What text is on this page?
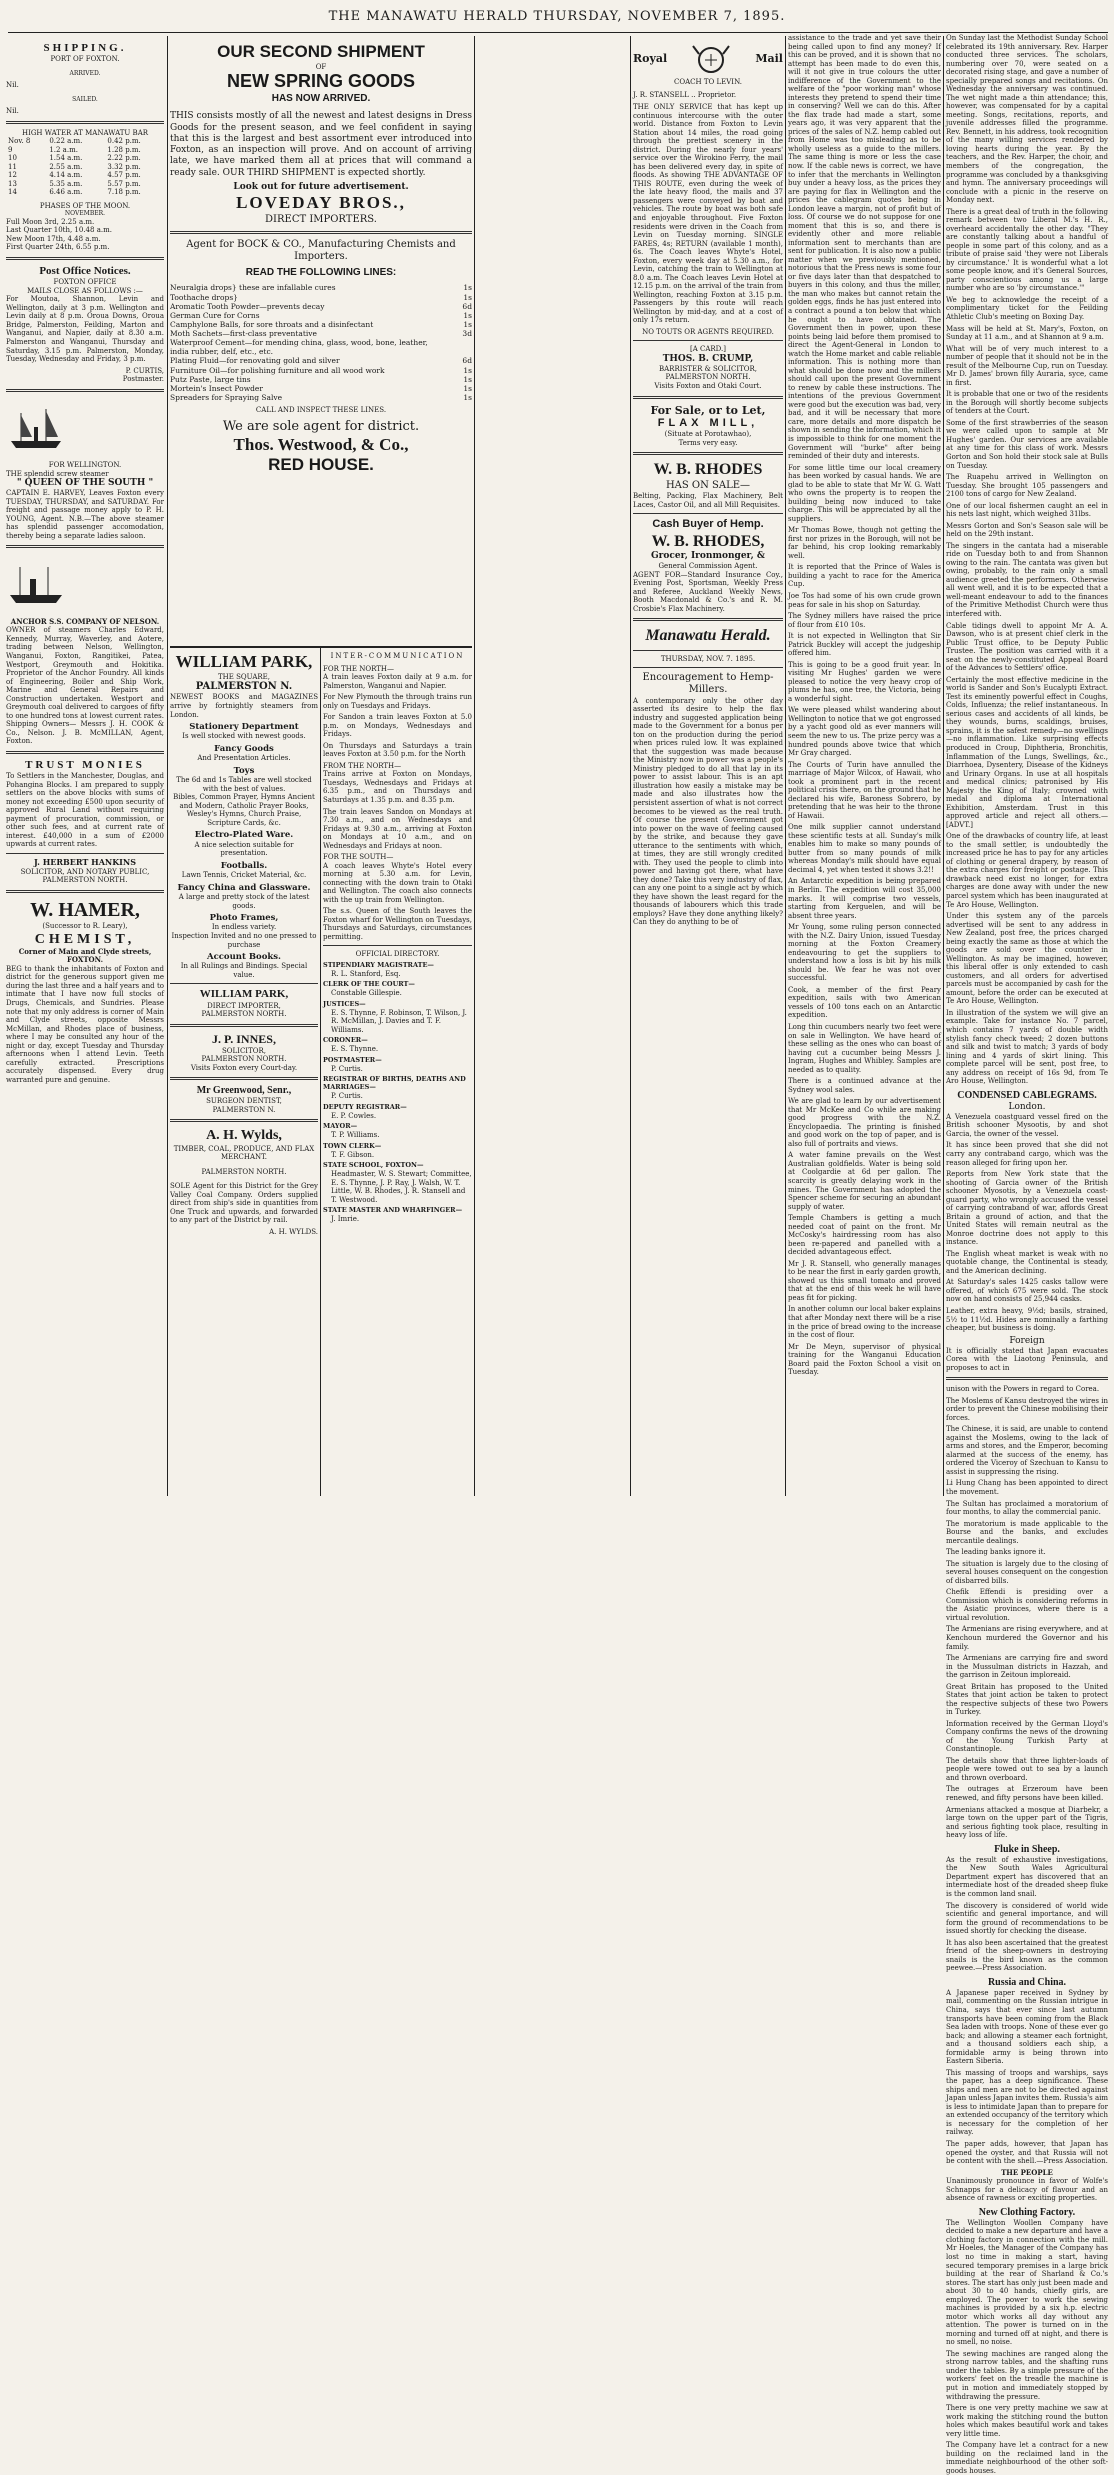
THE MANAWATU HERALD THURSDAY, NOVEMBER 7, 1895.
SHIPPING.
PORT OF FOXTON.
ARRIVED.
Nil.
SAILED.
Nil.
HIGH WATER AT MANAWATU BAR
Nov. 8	0.22 a.m.	0.42 p.m.
9	1.2 a.m.	1.28 p.m.
10	1.54 a.m.	2.22 p.m.
11	2.55 a.m.	3.32 p.m.
12	4.14 a.m.	4.57 p.m.
13	5.35 a.m.	5.57 p.m.
14	6.46 a.m.	7.18 p.m.
PHASES OF THE MOON.
NOVEMBER.
Full Moon 3rd, 2.25 a.m.
Last Quarter 10th, 10.48 a.m.
New Moon 17th, 4.48 a.m.
First Quarter 24th, 6.55 p.m.
Post Office Notices.
FOXTON OFFICE
MAILS CLOSE AS FOLLOWS :—

For Moutoa, Shannon, Levin and Wellington, daily at 3 p.m. Wellington and Levin daily at 8 p.m. Oroua Downs, Oroua Bridge, Palmerston, Feilding, Marton and Wanganui, and Napier, daily at 8.30 a.m. Palmerston and Wanganui, Thursday and Saturday, 3.15 p.m. Palmerston, Monday, Tuesday, Wednesday and Friday, 3 p.m.

P. CURTIS,
Postmaster.
FOR WELLINGTON.
THE splendid screw steamer
" QUEEN OF THE SOUTH "

CAPTAIN E. HARVEY, Leaves Foxton every TUESDAY, THURSDAY, and SATURDAY. For freight and passage money apply to P. H. YOUNG, Agent. N.B.—The above steamer has splendid passenger accomodation, thereby being a separate ladies saloon.

ANCHOR S.S. COMPANY OF NELSON.

OWNER of steamers Charles Edward, Kennedy, Murray, Waverley, and Aotere, trading between Nelson, Wellington, Wanganui, Foxton, Rangitikei, Patea, Westport, Greymouth and Hokitika. Proprietor of the Anchor Foundry. All kinds of Engineering, Boiler and Ship Work, Marine and General Repairs and Construction undertaken. Westport and Greymouth coal delivered to cargoes of fifty to one hundred tons at lowest current rates. Shipping Owners— Messrs J. H. COOK & Co., Nelson. J. B. McMILLAN, Agent, Foxton.

TRUST MONIES

To Settlers in the Manchester, Douglas, and Pohangina Blocks. I am prepared to supply settlers on the above blocks with sums of money not exceeding £500 upon security of approved Rural Land without requiring payment of procuration, commission, or other such fees, and at current rate of interest. £40,000 in a sum of £2000 upwards at current rates.

J. HERBERT HANKINS
SOLICITOR, AND NOTARY PUBLIC,
PALMERSTON NORTH.
W. HAMER,
(Successor to R. Leary),
CHEMIST,
Corner of Main and Clyde streets, FOXTON.

BEG to thank the inhabitants of Foxton and district for the generous support given me during the last three and a half years and to intimate that I have now full stocks of Drugs, Chemicals, and Sundries. Please note that my only address is corner of Main and Clyde streets, opposite Messrs McMillan, and Rhodes place of business, where I may be consulted any hour of the night or day, except Tuesday and Thursday afternoons when I attend Levin. Teeth carefully extracted. Prescriptions accurately dispensed. Every drug warranted pure and genuine.

OUR SECOND SHIPMENT
OF
NEW SPRING GOODS
HAS NOW ARRIVED.

THIS consists mostly of all the newest and latest designs in Dress Goods for the present season, and we feel confident in saying that this is the largest and best assortment ever introduced into Foxton, as an inspection will prove. And on account of arriving late, we have marked them all at prices that will command a ready sale. OUR THIRD SHIPMENT is expected shortly.

Look out for future advertisement.
LOVEDAY BROS.,
DIRECT IMPORTERS.
Agent for BOCK & CO., Manufacturing Chemists and Importers.
READ THE FOLLOWING LINES:
Neuralgia drops} these are infallable cures	1s
Toothache drops}	1s
Aromatic Tooth Powder—prevents decay	6d
German Cure for Corns	1s
Camphylone Balls, for sore throats and a disinfectant	1s
Moth Sachets—first-class preventative	3d
Waterproof Cement—for mending china, glass, wood, bone, leather, india rubber, delf, etc., etc.
Plating Fluid—for renovating gold and silver	6d
Furniture Oil—for polishing furniture and all wood work	1s
Putz Paste, large tins	1s
Mortein's Insect Powder	1s
Spreaders for Spraying Salve	1s
CALL AND INSPECT THESE LINES.
We are sole agent for district.
Thos. Westwood, & Co.,
RED HOUSE.
WILLIAM PARK,
THE SQUARE,
PALMERSTON N.

NEWEST BOOKS and MAGAZINES arrive by fortnightly steamers from London.

Stationery Department
Is well stocked with newest goods.
Fancy Goods
And Presentation Articles.
Toys
The 6d and 1s Tables are well stocked with the best of values.
Bibles, Common Prayer, Hymns Ancient and Modern, Catholic Prayer Books, Wesley's Hymns, Church Praise, Scripture Cards, &c.
Electro-Plated Ware.
A nice selection suitable for presentation.
Footballs.
Lawn Tennis, Cricket Material, &c.
Fancy China and Glassware.
A large and pretty stock of the latest goods.
Photo Frames,
In endless variety.
Inspection Invited and no one pressed to purchase
Account Books.
In all Rulings and Bindings. Special value.
WILLIAM PARK,
DIRECT IMPORTER,
PALMERSTON NORTH.
J. P. INNES,
SOLICITOR,
PALMERSTON NORTH.
Visits Foxton every Court-day.
Mr Greenwood, Senr.,
SURGEON DENTIST,
PALMERSTON N.
A. H. Wylds,
TIMBER, COAL, PRODUCE, AND FLAX MERCHANT.
PALMERSTON NORTH.

SOLE Agent for this District for the Grey Valley Coal Company. Orders supplied direct from ship's side in quantities from One Truck and upwards, and forwarded to any part of the District by rail.

A. H. WYLDS.
INTER-COMMUNICATION
FOR THE NORTH—

A train leaves Foxton daily at 9 a.m. for Palmerston, Wanganui and Napier.

For New Plymouth the through trains run only on Tuesdays and Fridays.

For Sandon a train leaves Foxton at 5.0 p.m. on Mondays, Wednesdays and Fridays.

On Thursdays and Saturdays a train leaves Foxton at 3.50 p.m. for the North

FROM THE NORTH—

Trains arrive at Foxton on Mondays, Tuesdays, Wednesdays and Fridays at 6.35 p.m., and on Thursdays and Saturdays at 1.35 p.m. and 8.35 p.m.

The train leaves Sandon on Mondays at 7.30 a.m., and on Wednesdays and Fridays at 9.30 a.m., arriving at Foxton on Mondays at 10 a.m., and on Wednesdays and Fridays at noon.

FOR THE SOUTH—

A coach leaves Whyte's Hotel every morning at 5.30 a.m. for Levin, connecting with the down train to Otaki and Wellington. The coach also connects with the up train from Wellington.

The s.s. Queen of the South leaves the Foxton wharf for Wellington on Tuesdays, Thursdays and Saturdays, circumstances permitting.

OFFICIAL DIRECTORY.
STIPENDIARY MAGISTRATE—
R. L. Stanford, Esq.
CLERK OF THE COURT—
Constable Gillespie.
JUSTICES—
E. S. Thynne, F. Robinson, T. Wilson, J. R. McMillan, J. Davies and T. F. Williams.
CORONER—
E. S. Thynne.
POSTMASTER—
P. Curtis.
REGISTRAR OF BIRTHS, DEATHS AND MARRIAGES—
P. Curtis.
DEPUTY REGISTRAR—
E. P. Cowles.
MAYOR—
T. P. Williams.
TOWN CLERK—
T. F. Gibson.
STATE SCHOOL, FOXTON—
Headmaster, W. S. Stewart; Committee, E. S. Thynne, J. P. Ray, J. Walsh, W. T. Little, W. B. Rhodes, J. R. Stansell and T. Westwood.
STATE MASTER AND WHARFINGER—
J. Imrie.
Royal	Mail
COACH TO LEVIN.
J. R. STANSELL .. Proprietor.

THE ONLY SERVICE that has kept up continuous intercourse with the outer world. Distance from Foxton to Levin Station about 14 miles, the road going through the prettiest scenery in the district. During the nearly four years' service over the Wirokino Ferry, the mail has been delivered every day, in spite of floods. As showing THE ADVANTAGE OF THIS ROUTE, even during the week of the late heavy flood, the mails and 37 passengers were conveyed by boat and vehicles. The route by boat was both safe and enjoyable throughout. Five Foxton residents were driven in the Coach from Levin on Tuesday morning. SINGLE FARES, 4s; RETURN (available 1 month), 6s. The Coach leaves Whyte's Hotel, Foxton, every week day at 5.30 a.m., for Levin, catching the train to Wellington at 8.0 a.m. The Coach leaves Levin Hotel at 12.15 p.m. on the arrival of the train from Wellington, reaching Foxton at 3.15 p.m. Passengers by this route will reach Wellington by mid-day, and at a cost of only 17s return.

NO TOUTS OR AGENTS REQUIRED.
[A CARD.]
THOS. B. CRUMP,
BARRISTER & SOLICITOR,
PALMERSTON NORTH.
Visits Foxton and Otaki Court.
For Sale, or to Let,
FLAX MILL,
(Situate at Porotawhao),
Terms very easy.
W. B. RHODES
HAS ON SALE—

Belting, Packing, Flax Machinery, Belt Laces, Castor Oil, and all Mill Requisites.

Cash Buyer of Hemp.
W. B. RHODES,
Grocer, Ironmonger, &
General Commission Agent.

AGENT FOR—Standard Insurance Coy., Evening Post, Sportsman, Weekly Press and Referee, Auckland Weekly News, Booth Macdonald & Co.'s and R. M. Crosbie's Flax Machinery.

Manawatu Herald.
THURSDAY, NOV. 7. 1895.
Encouragement to Hemp-Millers.

A contemporary only the other day asserted its desire to help the flax industry and suggested application being made to the Government for a bonus per ton on the production during the period when prices ruled low. It was explained that the suggestion was made because the Ministry now in power was a people's Ministry pledged to do all that lay in its power to assist labour. This is an apt illustration how easily a mistake may be made and also illustrates how the persistent assertion of what is not correct becomes to be viewed as the real truth. Of course the present Government got into power on the wave of feeling caused by the strike, and because they gave utterance to the sentiments with which, at times, they are still wrongly credited with. They used the people to climb into power and having got there, what have they done? Take this very industry of flax, can any one point to a single act by which they have shown the least regard for the thousands of labourers which this trade employs? Have they done anything likely? Can they do anything to be of

assistance to the trade and yet save their being called upon to find any money? If this can be proved, and it is shown that no attempt has been made to do even this, will it not give in true colours the utter indifference of the Government to the welfare of the "poor working man" whose interests they pretend to spend their time in conserving? Well we can do this. After the flax trade had made a start, some years ago, it was very apparent that the prices of the sales of N.Z. hemp cabled out from Home was too misleading as to be wholly useless as a guide to the millers. The same thing is more or less the case now. If the cable news is correct, we have to infer that the merchants in Wellington buy under a heavy loss, as the prices they are paying for flax in Wellington and the prices the cablegram quotes being in London leave a margin, not of profit but of loss. Of course we do not suppose for one moment that this is so, and there is evidently other and more reliable information sent to merchants than are sent for publication. It is also now a public matter when we previously mentioned, notorious that the Press news is some four or five days later than that despatched to buyers in this colony, and thus the miller, the man who makes but cannot retain the golden eggs, finds he has just entered into a contract a pound a ton below that which he ought to have obtained. The Government then in power, upon these points being laid before them promised to direct the Agent-General in London to watch the Home market and cable reliable information. This is nothing more than what should be done now and the millers should call upon the present Government to renew by cable these instructions. The intentions of the previous Government were good but the execution was bad, very bad, and it will be necessary that more care, more details and more dispatch be shown in sending the information, which it is impossible to think for one moment the Government will "burke" after being reminded of their duty and interests.

For some little time our local creamery has been worked by casual hands. We are glad to be able to state that Mr W. G. Watt who owns the property is to reopen the building being now induced to take charge. This will be appreciated by all the suppliers.

Mr Thomas Bowe, though not getting the first nor prizes in the Borough, will not be far behind, his crop looking remarkably well.

It is reported that the Prince of Wales is building a yacht to race for the America Cup.

Joe Tos had some of his own crude grown peas for sale in his shop on Saturday.

The Sydney millers have raised the price of flour from £10 10s.

It is not expected in Wellington that Sir Patrick Buckley will accept the judgeship offered him.

This is going to be a good fruit year. In visiting Mr Hughes' garden we were pleased to notice the very heavy crop of plums he has, one tree, the Victoria, being a wonderful sight.

We were pleased whilst wandering about Wellington to notice that we got engrossed by a yacht good old as ever manners will seem the new to us. The prize percy was a hundred pounds above twice that which Mr Gray charged.

The Courts of Turin have annulled the marriage of Major Wilcox, of Hawaii, who took a prominent part in the recent political crisis there, on the ground that he declared his wife, Baroness Sobrero, by pretending that he was heir to the throne of Hawaii.

One milk supplier cannot understand these scientific tests at all. Sunday's milk enables him to make so many pounds of butter from so many pounds of milk whereas Monday's milk should have equal decimal 4, yet when tested it shows 3.2!!

An Antarctic expedition is being prepared in Berlin. The expedition will cost 35,000 marks. It will comprise two vessels, starting from Kerguelen, and will be absent three years.

Mr Young, some ruling person connected with the N.Z. Dairy Union, issued Tuesday morning at the Foxton Creamery endeavouring to get the suppliers to understand how a loss is bit by his milk should be. We fear he was not over successful.

Cook, a member of the first Peary expedition, sails with two American vessels of 100 tons each on an Antarctic expedition.

Long thin cucumbers nearly two feet were on sale in Wellington. We have heard of these selling as the ones who can boast of having cut a cucumber being Messrs J. Ingram, Hughes and Whibley. Samples are needed as to quality.

There is a continued advance at the Sydney wool sales.

We are glad to learn by our advertisement that Mr McKee and Co while are making good progress with the N.Z. Encyclopaedia. The printing is finished and good work on the top of paper, and is also full of portraits and views.

A water famine prevails on the West Australian goldfields. Water is being sold at Coolgardie at 6d per gallon. The scarcity is greatly delaying work in the mines. The Government has adopted the Spencer scheme for securing an abundant supply of water.

Temple Chambers is getting a much needed coat of paint on the front. Mr McCosky's hairdressing room has also been re-papered and panelled with a decided advantageous effect.

Mr J. R. Stansell, who generally manages to be near the first in early garden growth, showed us this small tomato and proved that at the end of this week he will have peas fit for picking.

In another column our local baker explains that after Monday next there will be a rise in the price of bread owing to the increase in the cost of flour.

Mr De Meyn, supervisor of physical training for the Wanganui Education Board paid the Foxton School a visit on Tuesday.

On Sunday last the Methodist Sunday School celebrated its 19th anniversary. Rev. Harper conducted three services. The scholars, numbering over 70, were seated on a decorated rising stage, and gave a number of specially prepared songs and recitations. On Wednesday the anniversary was continued. The wet night made a thin attendance; this, however, was compensated for by a capital meeting. Songs, recitations, reports, and juvenile addresses filled the programme. Rev. Bennett, in his address, took recognition of the many willing services rendered by loving hearts during the year. By the teachers, and the Rev. Harper, the choir, and members of the congregation, the programme was concluded by a thanksgiving and hymn. The anniversary proceedings will conclude with a picnic in the reserve on Monday next.

There is a great deal of truth in the following remark between two Liberal M.'s H. R., overheard accidentally the other day. "They are constantly talking about a handful of people in some part of this colony, and as a tribute of praise said 'they were not Liberals by circumstance.' It is wonderful what a lot some people know, and it's General Sources, party conscientious among us a large number who are so 'by circumstance.'"

We beg to acknowledge the receipt of a complimentary ticket for the Feilding Athletic Club's meeting on Boxing Day.

Mass will be held at St. Mary's, Foxton, on Sunday at 11 a.m., and at Shannon at 9 a.m.

What will be of very much interest to a number of people that it should not be in the result of the Melbourne Cup, run on Tuesday. Mr D. James' brown filly Auraria, syce, came in first.

It is probable that one or two of the residents in the Borough will shortly become subjects of tenders at the Court.

Some of the first strawberries of the season we were called upon to sample at Mr Hughes' garden. Our services are available at any time for this class of work. Messrs Gorton and Son hold their stock sale at Bulls on Tuesday.

The Ruapehu arrived in Wellington on Tuesday. She brought 105 passengers and 2100 tons of cargo for New Zealand.

One of our local fishermen caught an eel in his nets last night, which weighed 31lbs.

Messrs Gorton and Son's Season sale will be held on the 29th instant.

The singers in the cantata had a miserable ride on Tuesday both to and from Shannon owing to the rain. The cantata was given but owing, probably, to the rain only a small audience greeted the performers. Otherwise all went well, and it is to be expected that a well-meant endeavour to add to the finances of the Primitive Methodist Church were thus interfered with.

Cable tidings dwell to appoint Mr A. A. Dawson, who is at present chief clerk in the Public Trust office, to be Deputy Public Trustee. The position was carried with it a seat on the newly-constituted Appeal Board of the Advances to Settlers' office.

Certainly the most effective medicine in the world is Sander and Son's Eucalypti Extract. Test its eminently powerful effect in Coughs, Colds, Influenza; the relief instantaneous. In serious cases and accidents of all kinds, be they wounds, burns, scaldings, bruises, sprains, it is the safest remedy—no swellings—no inflammation. Like surprising effects produced in Croup, Diphtheria, Bronchitis, Inflammation of the Lungs, Swellings, &c., Diarrhoea, Dysentery, Disease of the Kidneys and Urinary Organs. In use at all hospitals and medical clinics; patronised by His Majesty the King of Italy; crowned with medal and diploma at International Exhibition, Amsterdam. Trust in this approved article and reject all others.—[ADVT.]

One of the drawbacks of country life, at least to the small settler, is undoubtedly the increased price he has to pay for any articles of clothing or general drapery, by reason of the extra charges for freight or postage. This drawback need exist no longer, for extra charges are done away with under the new parcel system which has been inaugurated at Te Aro House, Wellington.

Under this system any of the parcels advertised will be sent to any address in New Zealand, post free, the prices charged being exactly the same as those at which the goods are sold over the counter in Wellington. As may be imagined, however, this liberal offer is only extended to cash customers, and all orders for advertised parcels must be accompanied by cash for the amount, before the order can be executed at Te Aro House, Wellington.

In illustration of the system we will give an example. Take for instance No. 7 parcel, which contains 7 yards of double width stylish fancy check tweed; 2 dozen buttons and silk and twist to match; 3 yards of body lining and 4 yards of skirt lining. This complete parcel will be sent, post free, to any address on receipt of 16s 9d, from Te Aro House, Wellington.

CONDENSED CABLEGRAMS.
London.

A Venezuela coastguard vessel fired on the British schooner Mysootis, by and shot Garcia, the owner of the vessel.

It has since been proved that she did not carry any contraband cargo, which was the reason alleged for firing upon her.

Reports from New York state that the shooting of Garcia owner of the British schooner Myosotis, by a Venezuela coast-guard party, who wrongly accused the vessel of carrying contraband of war, affords Great Britain a ground of action, and that the United States will remain neutral as the Monroe doctrine does not apply to this instance.

The English wheat market is weak with no quotable change, the Continental is steady, and the American declining.

At Saturday's sales 1425 casks tallow were offered, of which 675 were sold. The stock now on hand consists of 25,944 casks.

Leather, extra heavy, 9½d; basils, strained, 5½ to 11½d. Hides are nominally a farthing cheaper, but business is doing.

Foreign

It is officially stated that Japan evacuates Corea with the Liaotong Peninsula, and proposes to act in

unison with the Powers in regard to Corea.

The Moslems of Kansu destroyed the wires in order to prevent the Chinese mobilising their forces.

The Chinese, it is said, are unable to contend against the Moslems, owing to the lack of arms and stores, and the Emperor, becoming alarmed at the success of the enemy, has ordered the Viceroy of Szechuan to Kansu to assist in suppressing the rising.

Li Hung Chang has been appointed to direct the movement.

The Sultan has proclaimed a moratorium of four months, to allay the commercial panic.

The moratorium is made applicable to the Bourse and the banks, and excludes mercantile dealings.

The leading banks ignore it.

The situation is largely due to the closing of several houses consequent on the congestion of disbarred bills.

Chefik Effendi is presiding over a Commission which is considering reforms in the Asiatic provinces, where there is a virtual revolution.

The Armenians are rising everywhere, and at Kenchoun murdered the Governor and his family.

The Armenians are carrying fire and sword in the Mussulman districts in Hazzah, and the garrison in Zeitoun imploreaid.

Great Britain has proposed to the United States that joint action be taken to protect the respective subjects of these two Powers in Turkey.

Information received by the German Lloyd's Company confirms the news of the drowning of the Young Turkish Party at Constantinople.

The details show that three lighter-loads of people were towed out to sea by a launch and thrown overboard.

The outrages at Erzeroum have been renewed, and fifty persons have been killed.

Armenians attacked a mosque at Diarbekr, a large town on the upper part of the Tigris, and serious fighting took place, resulting in heavy loss of life.

Fluke in Sheep.

As the result of exhaustive investigations, the New South Wales Agricultural Department expert has discovered that an intermediate host of the dreaded sheep fluke is the common land snail.

The discovery is considered of world wide scientific and general importance, and will form the ground of recommendations to be issued shortly for checking the disease.

It has also been ascertained that the greatest friend of the sheep-owners in destroying snails is the bird known as the common peewee.—Press Association.

Russia and China.

A Japanese paper received in Sydney by mail, commenting on the Russian intrigue in China, says that ever since last autumn transports have been coming from the Black Sea laden with troops. None of these ever go back; and allowing a steamer each fortnight, and a thousand soldiers each ship, a formidable army is being thrown into Eastern Siberia.

This massing of troops and warships, says the paper, has a deep significance. These ships and men are not to be directed against Japan unless Japan invites them. Russia's aim is less to intimidate Japan than to prepare for an extended occupancy of the territory which is necessary for the completion of her railway.

The paper adds, however, that Japan has opened the oyster, and that Russia will not be content with the shell.—Press Association.

THE PEOPLE

Unanimously pronounce in favor of Wolfe's Schnapps for a delicacy of flavour and an absence of rawness or exciting properties.

New Clothing Factory.

The Wellington Woollen Company have decided to make a new departure and have a clothing factory in connection with the mill. Mr Hoeles, the Manager of the Company has lost no time in making a start, having secured temporary premises in a large brick building at the rear of Sharland & Co.'s stores. The start has only just been made and about 30 to 40 hands, chiefly girls, are employed. The power to work the sewing machines is provided by a six h.p. electric motor which works all day without any attention. The power is turned on in the morning and turned off at night, and there is no smell, no noise.

The sewing machines are ranged along the strong narrow tables, and the shafting runs under the tables. By a simple pressure of the workers' feet on the treadle the machine is put in motion and immediately stopped by withdrawing the pressure.

There is one very pretty machine we saw at work making the stitching round the button holes which makes beautiful work and takes very little time.

The Company have let a contract for a new building on the reclaimed land in the immediate neighbourhood of the other soft-goods houses.
